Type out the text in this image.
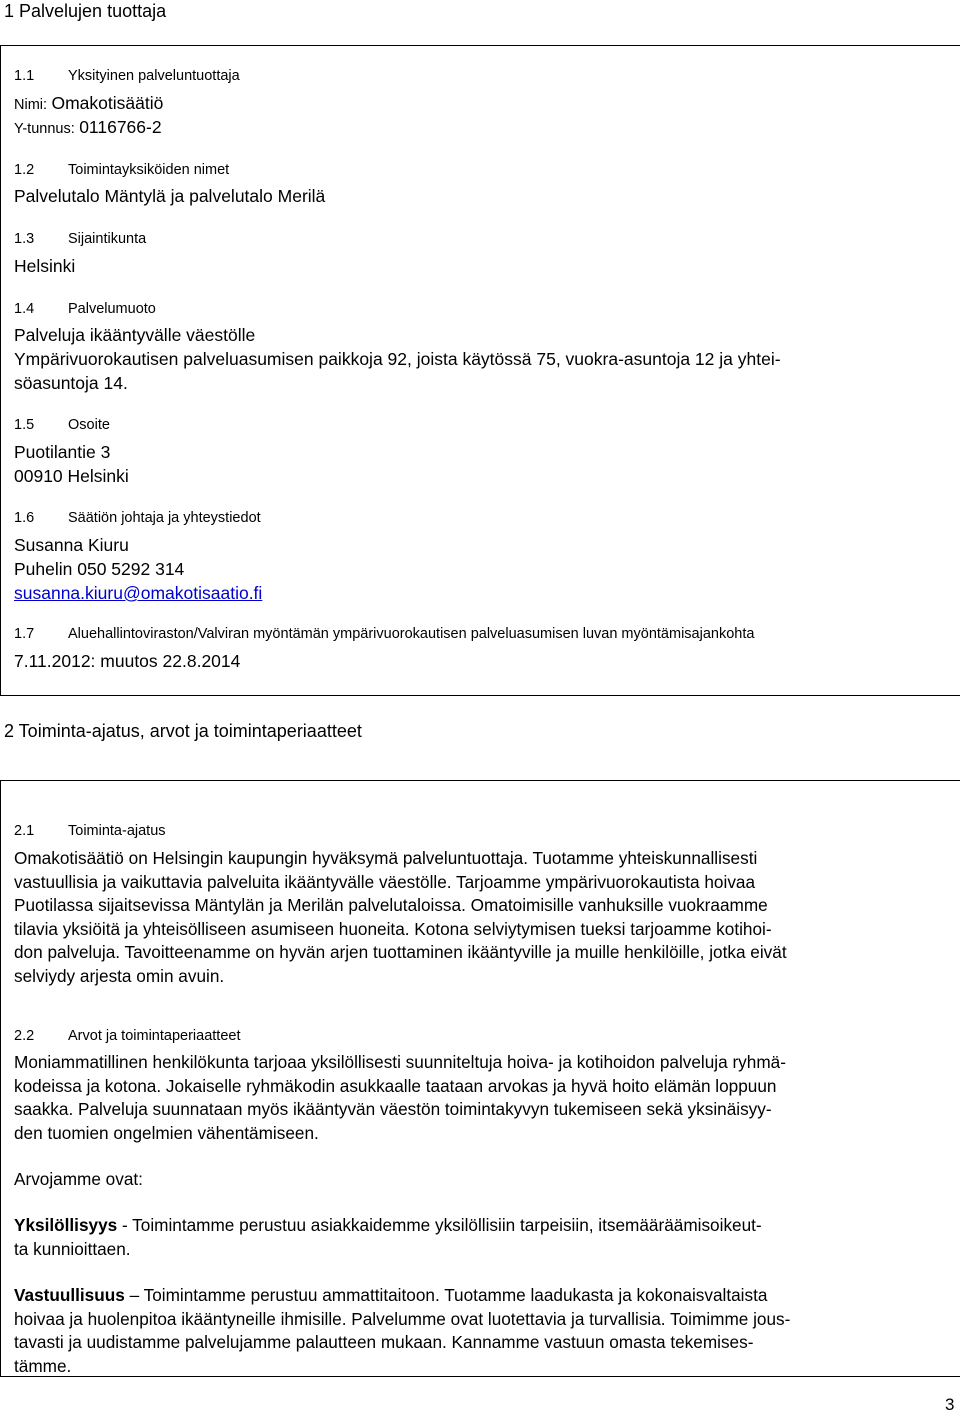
1 Palvelujen tuottaja
1.1 Yksityinen palveluntuottaja
Nimi: Omakotisäätiö
Y-tunnus: 0116766-2
1.2 Toimintayksiköiden nimet
Palvelutalo Mäntylä ja palvelutalo Merilä
1.3 Sijaintikunta
Helsinki
1.4 Palvelumuoto
Palveluja ikääntyvälle väestölle
Ympärivuorokautisen palveluasumisen paikkoja 92, joista käytössä 75, vuokra-asuntoja 12 ja yhtei-
söasuntoja 14.
1.5 Osoite
Puotilantie 3
00910 Helsinki
1.6 Säätiön johtaja ja yhteystiedot
Susanna Kiuru
Puhelin 050 5292 314
susanna.kiuru@omakotisaatio.fi
1.7 Aluehallintoviraston/Valviran myöntämän ympärivuorokautisen palveluasumisen luvan myöntämisajankohta
7.11.2012: muutos 22.8.2014
2 Toiminta-ajatus, arvot ja toimintaperiaatteet
2.1 Toiminta-ajatus
Omakotisäätiö on Helsingin kaupungin hyväksymä palveluntuottaja. Tuotamme yhteiskunnallisesti
vastuullisia ja vaikuttavia palveluita ikääntyvälle väestölle. Tarjoamme ympärivuorokautista hoivaa
Puotilassa sijaitsevissa Mäntylän ja Merilän palvelutaloissa. Omatoimisille vanhuksille vuokraamme
tilavia yksiöitä ja yhteisölliseen asumiseen huoneita. Kotona selviytymisen tueksi tarjoamme kotihoi-
don palveluja. Tavoitteenamme on hyvän arjen tuottaminen ikääntyville ja muille henkilöille, jotka eivät
selviydy arjesta omin avuin.
2.2 Arvot ja toimintaperiaatteet
Moniammatillinen henkilökunta tarjoaa yksilöllisesti suunniteltuja hoiva- ja kotihoidon palveluja ryhmä-
kodeissa ja kotona. Jokaiselle ryhmäkodin asukkaalle taataan arvokas ja hyvä hoito elämän loppuun
saakka. Palveluja suunnataan myös ikääntyvän väestön toimintakyvyn tukemiseen sekä yksinäisyy-
den tuomien ongelmien vähentämiseen.
Arvojamme ovat:
Yksilöllisyys - Toimintamme perustuu asiakkaidemme yksilöllisiin tarpeisiin, itsemääräämisoikeut-
ta kunnioittaen.
Vastuullisuus – Toimintamme perustuu ammattitaitoon. Tuotamme laadukasta ja kokonaisvaltaista
hoivaa ja huolenpitoa ikääntyneille ihmisille. Palvelumme ovat luotettavia ja turvallisia. Toimimme jous-
tavasti ja uudistamme palvelujamme palautteen mukaan. Kannamme vastuun omasta tekemises-
tämme.
3
